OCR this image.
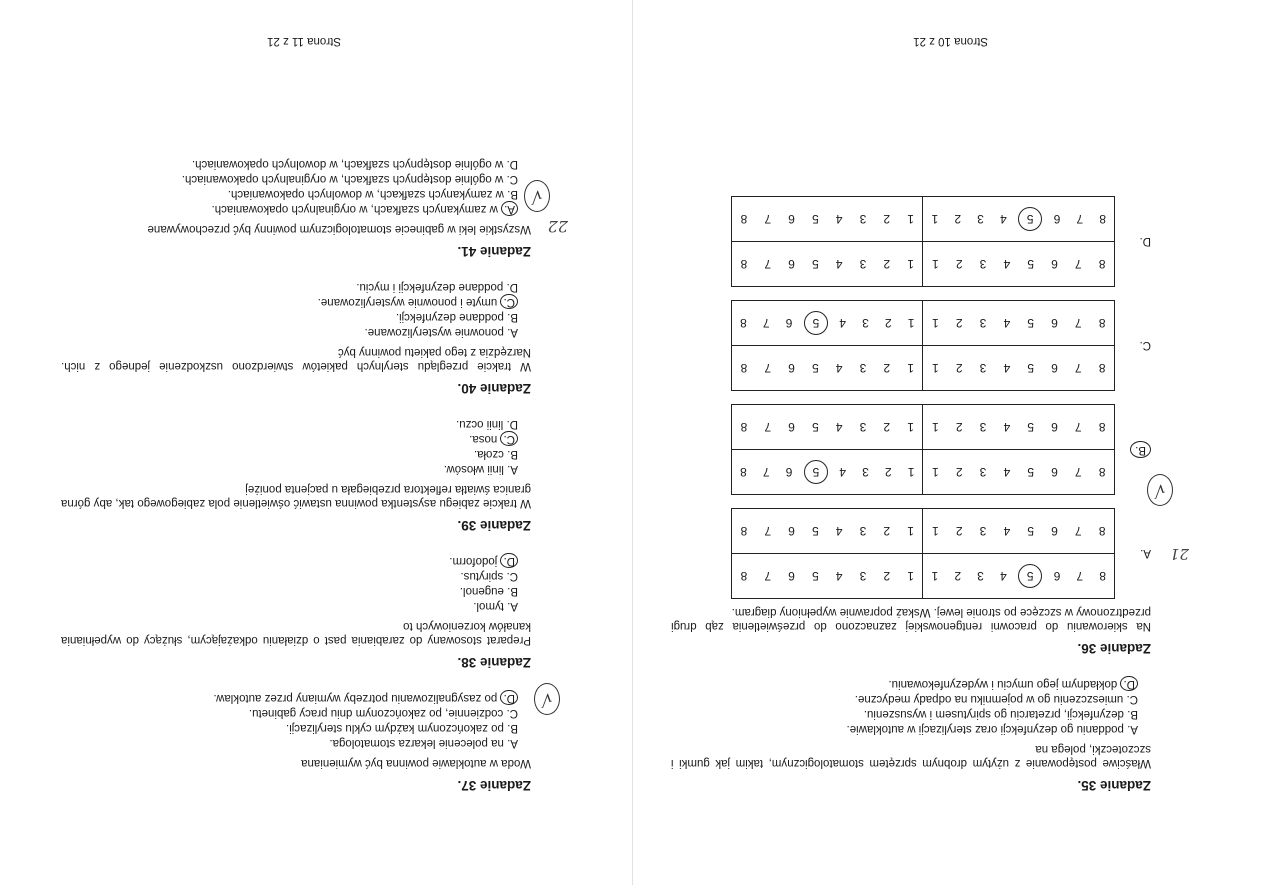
Zadanie 35.
Właściwe postępowanie z użytym drobnym sprzętem stomatologicznym, takim jak gumki i szczoteczki, polega na
A. poddaniu go dezynfekcji oraz sterylizacji w autoklawie.
B. dezynfekcji, przetarciu go spirytusem i wysuszeniu.
C. umieszczeniu go w pojemniku na odpady medyczne.
D. dokładnym jego umyciu i wydezynfekowaniu.
Zadanie 36.
Na skierowaniu do pracowni rentgenowskiej zaznaczono do prześwietlenia ząb drugi przedtrzonowy w szczęce po stronie lewej. Wskaż poprawnie wypełniony diagram.
A. 21
8
7
6
5
4
3
2
1
1
2
3
4
5
6
7
8
8
7
6
5
4
3
2
1
1
2
3
4
5
6
7
8
B.
√
8
7
6
5
4
3
2
1
1
2
3
4
5
6
7
8
8
7
6
5
4
3
2
1
1
2
3
4
5
6
7
8
C.
8
7
6
5
4
3
2
1
1
2
3
4
5
6
7
8
8
7
6
5
4
3
2
1
1
2
3
4
5
6
7
8
D.
8
7
6
5
4
3
2
1
1
2
3
4
5
6
7
8
8
7
6
5
4
3
2
1
1
2
3
4
5
6
7
8
Strona 10 z 21
Zadanie 37.
Woda w autoklawie powinna być wymieniana
A. na polecenie lekarza stomatologa.
B. po zakończonym każdym cyklu sterylizacji.
C. codziennie, po zakończonym dniu pracy gabinetu.
√
D. po zasygnalizowaniu potrzeby wymiany przez autoklaw.
Zadanie 38.
Preparat stosowany do zarabiania past o działaniu odkażającym, służący do wypełniania kanałów korzeniowych to
A. tymol.
B. eugenol.
C. spirytus.
D. jodoform.
Zadanie 39.
W trakcie zabiegu asystentka powinna ustawić oświetlenie pola zabiegowego tak, aby górna granica światła reflektora przebiegała u pacjenta poniżej
A. linii włosów.
B. czoła.
C. nosa.
D. linii oczu.
Zadanie 40.
W trakcie przeglądu sterylnych pakietów stwierdzono uszkodzenie jednego z nich. Narzędzia z tego pakietu powinny być
A. ponownie wysterylizowane.
B. poddane dezynfekcji.
C. umyte i ponownie wysterylizowane.
D. poddane dezynfekcji i myciu.
Zadanie 41.
Wszystkie leki w gabinecie stomatologicznym powinny być przechowywane 22
√
A. w zamykanych szafkach, w oryginalnych opakowaniach.
B. w zamykanych szafkach, w dowolnych opakowaniach.
C. w ogólnie dostępnych szafkach, w oryginalnych opakowaniach.
D. w ogólnie dostępnych szafkach, w dowolnych opakowaniach.
Strona 11 z 21
